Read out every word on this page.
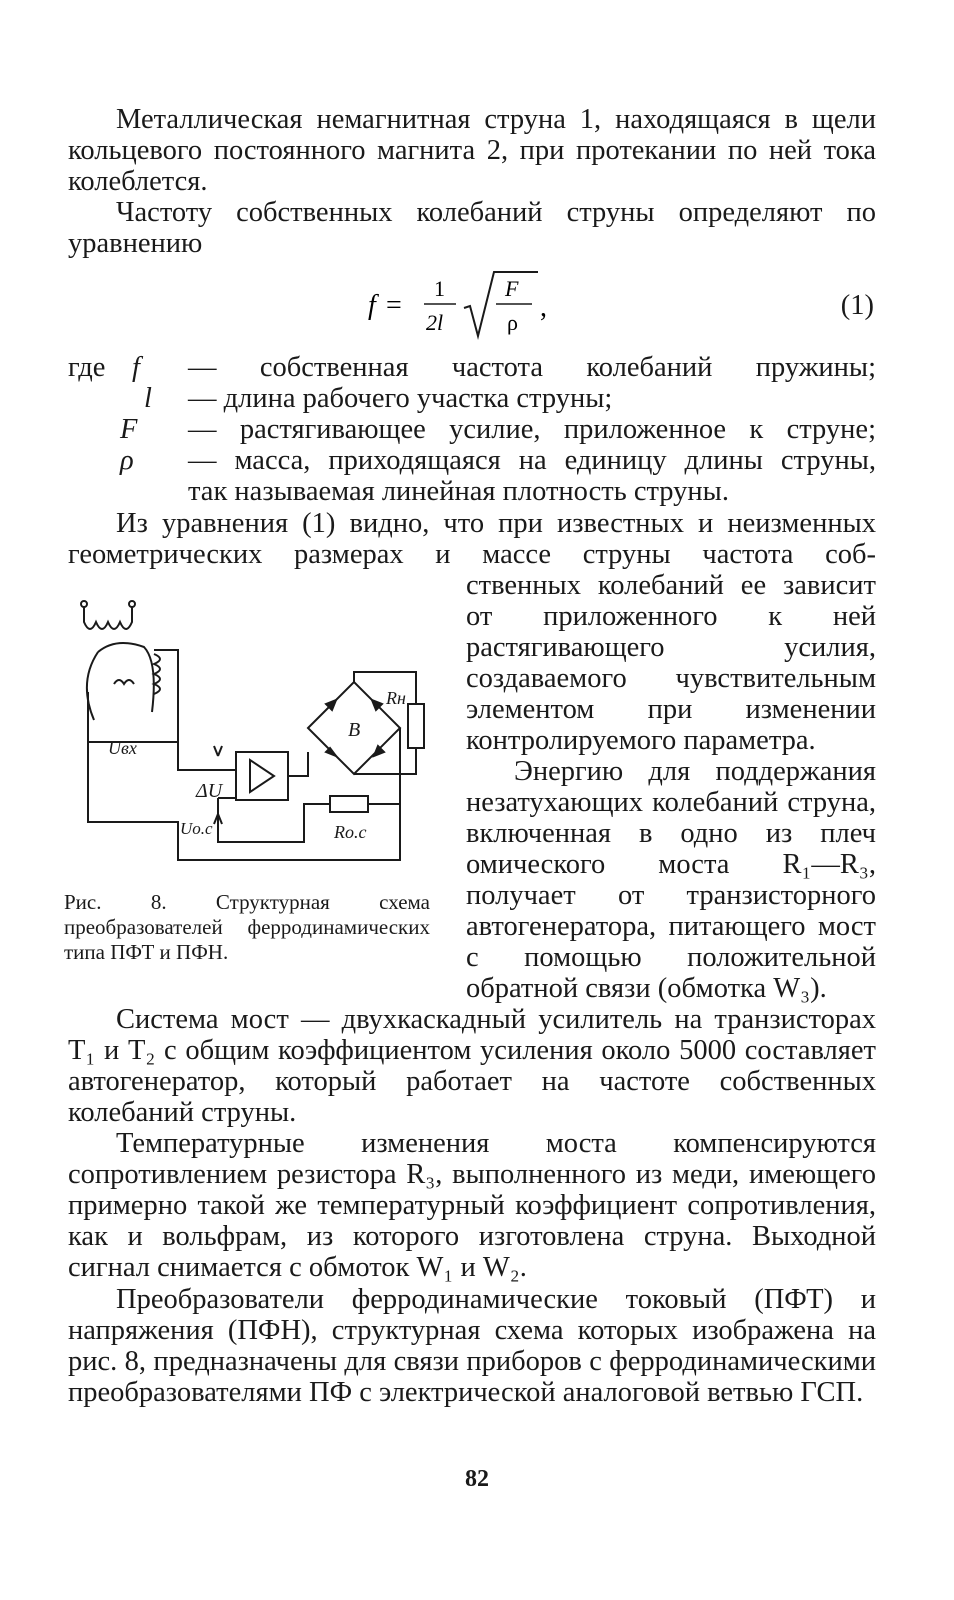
Металлическая немагнитная струна 1, находящаяся в щели кольцевого постоянного магнита 2, при протекании по ней тока колеблется.

Частоту собственных колебаний струны определяют по уравнению

f =
1
2l
F
ρ ,	(1)
где f — собственная частота колебаний пружины;
l — длина рабочего участка струны;
F — растягивающее усилие, приложенное к струне;
ρ — масса, приходящаяся на единицу длины струны,
так называемая линейная плотность струны.

Из уравнения (1) видно, что при известных и неизменных геометрических размерах и массе струны частота соб-

ственных колебаний ее зависит от приложенного к ней растягивающего усилия, создаваемого чувствительным элементом при изменении контролируемого параметра.

Энергию для поддержания незатухающих колебаний струна, включенная в одно из плеч омического моста R₁—R₃, получает от транзисторного автогенератора, питающего мост с помощью положительной обратной связи (обмотка W₃).

B
Rн
Rо.с
ΔU
Uвх
Uо.с
Рис. 8. Структурная схема преобразователей ферродинамических типа ПФТ и ПФН.

Система мост — двухкаскадный усилитель на транзисторах T₁ и T₂ с общим коэффициентом усиления около 5000 составляет автогенератор, который работает на частоте собственных колебаний струны.

Температурные изменения моста компенсируются сопротивлением резистора R₃, выполненного из меди, имеющего примерно такой же температурный коэффициент сопротивления, как и вольфрам, из которого изготовлена струна. Выходной сигнал снимается с обмоток W₁ и W₂.

Преобразователи ферродинамические токовый (ПФТ) и напряжения (ПФН), структурная схема которых изображена на рис. 8, предназначены для связи приборов с ферродинамическими преобразователями ПФ с электрической аналоговой ветвью ГСП.

82
